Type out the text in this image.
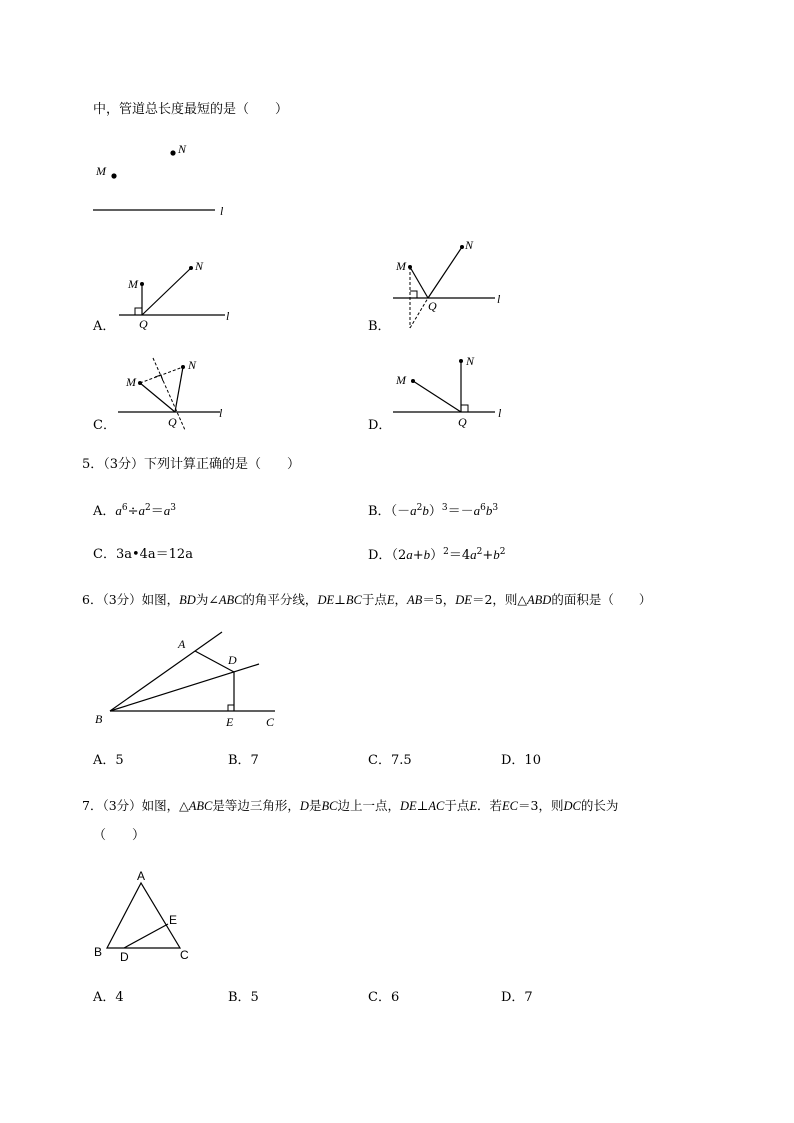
中，管道总长度最短的是（　　）
N
M
l
A．
M
N
Q
l
B．
M
N
Q	l
C．
M
N
Q
l
D．
M
N
Q
l
5．（3分）下列计算正确的是（　　）
A．$a^6\div a^2=a^3$	B．$(-a^2b)^3=-a^6b^3$
C．3a•4a＝12a	D．$(2a+b)^2=4a^2+b^2$
6．（3分）如图，BD为∠ABC的角平分线，DE⊥BC于点E，AB＝5，DE＝2，则△ABD的面积是（　　）
A
D
B	E	C
A．5	B．7	C．7.5	D．10
7．（3分）如图，△ABC是等边三角形，D是BC边上一点，DE⊥AC于点E．若EC＝3，则DC的长为
（　　）
A
E
B D	C
A．4	B．5	C．6	D．7
